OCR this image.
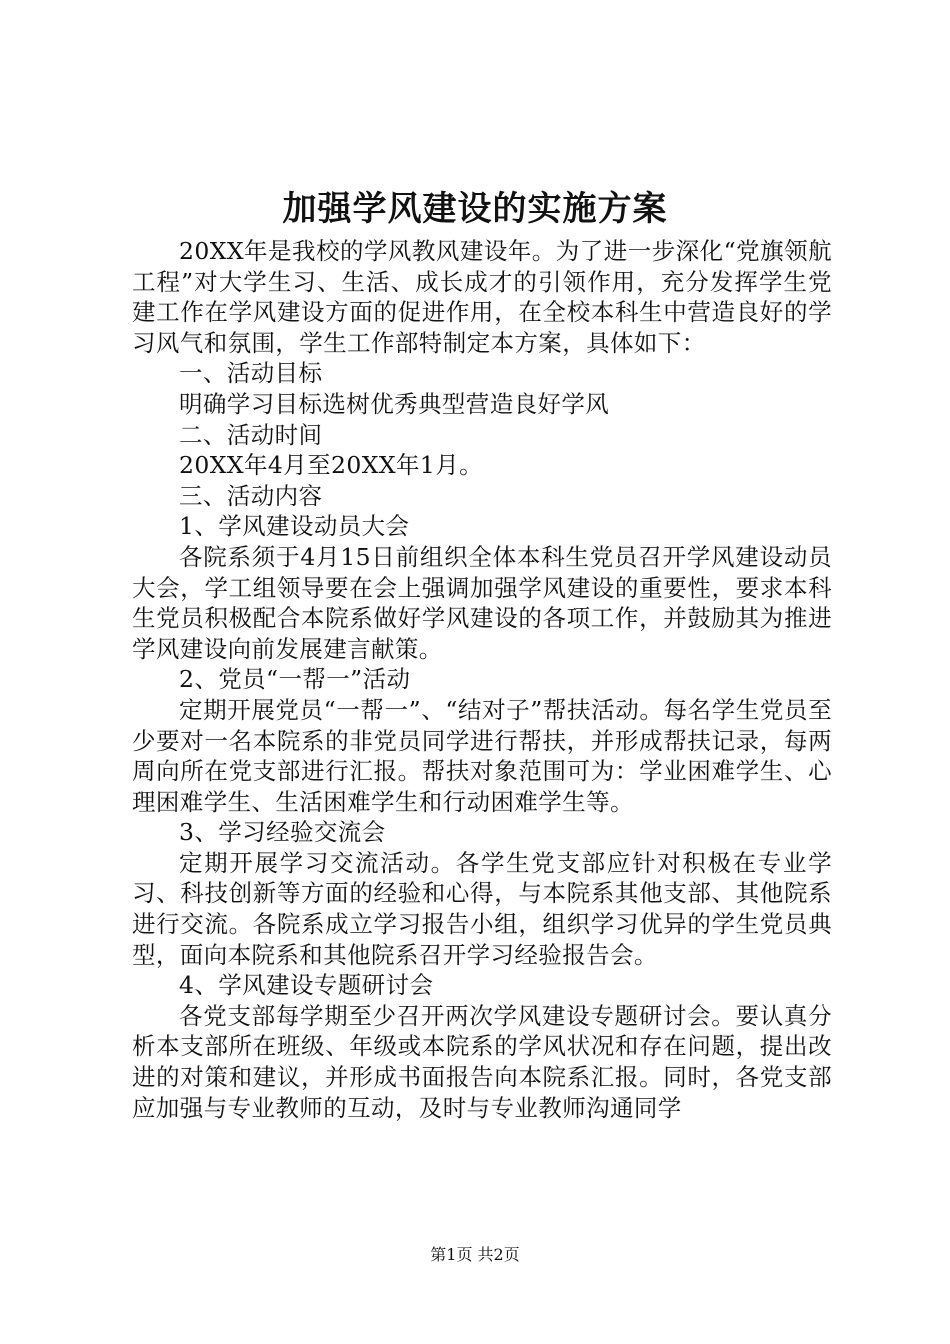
加强学风建设的实施方案

20XX年是我校的学风教风建设年。为了进一步深化“党旗领航工程”对大学生习、生活、成长成才的引领作用，充分发挥学生党建工作在学风建设方面的促进作用，在全校本科生中营造良好的学习风气和氛围，学生工作部特制定本方案，具体如下：

一、活动目标

明确学习目标选树优秀典型营造良好学风

二、活动时间

20XX年4月至20XX年1月。

三、活动内容

1、学风建设动员大会

各院系须于4月15日前组织全体本科生党员召开学风建设动员大会，学工组领导要在会上强调加强学风建设的重要性，要求本科生党员积极配合本院系做好学风建设的各项工作，并鼓励其为推进学风建设向前发展建言献策。

2、党员“一帮一”活动

定期开展党员“一帮一”、“结对子”帮扶活动。每名学生党员至少要对一名本院系的非党员同学进行帮扶，并形成帮扶记录，每两周向所在党支部进行汇报。帮扶对象范围可为：学业困难学生、心理困难学生、生活困难学生和行动困难学生等。

3、学习经验交流会

定期开展学习交流活动。各学生党支部应针对积极在专业学习、科技创新等方面的经验和心得，与本院系其他支部、其他院系进行交流。各院系成立学习报告小组，组织学习优异的学生党员典型，面向本院系和其他院系召开学习经验报告会。

4、学风建设专题研讨会

各党支部每学期至少召开两次学风建设专题研讨会。要认真分析本支部所在班级、年级或本院系的学风状况和存在问题，提出改进的对策和建议，并形成书面报告向本院系汇报。同时，各党支部应加强与专业教师的互动，及时与专业教师沟通同学

第1页 共2页
